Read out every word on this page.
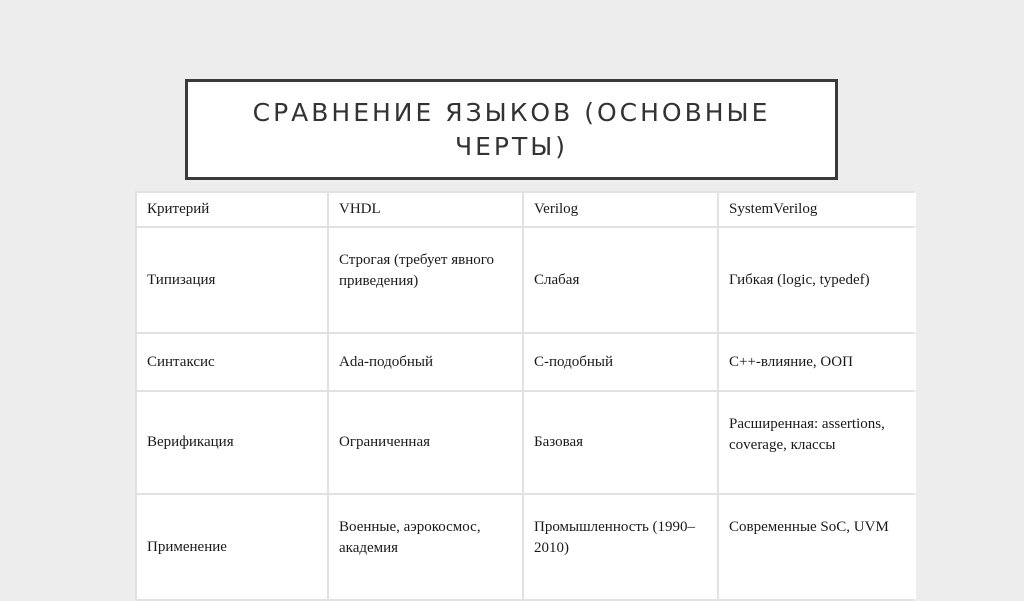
СРАВНЕНИЕ ЯЗЫКОВ (ОСНОВНЫЕ ЧЕРТЫ)
Критерий	VHDL	Verilog	SystemVerilog
Типизация	Строгая (требует явного приведения)	Слабая	Гибкая (logic, typedef)
Синтаксис	Ada-подобный	C-подобный	C++-влияние, ООП
Верификация	Ограниченная	Базовая	Расширенная: assertions, coverage, классы
Применение	Военные, аэрокосмос, академия	Промышленность (1990–2010)	Современные SoC, UVM
